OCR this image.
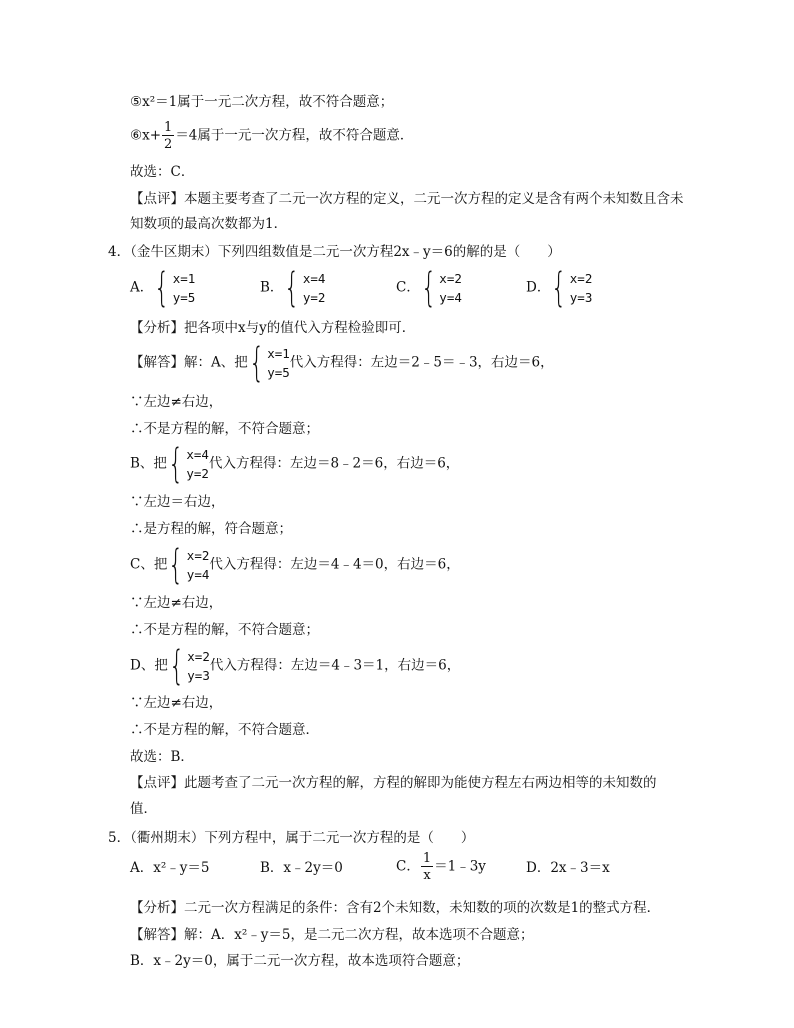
⑤x²＝1属于一元二次方程，故不符合题意；
⑥x+ $\frac{1}{2} =4$属于一元一次方程，故不符合题意．
故选：C．
【点评】本题主要考查了二元一次方程的定义，二元一次方程的定义是含有两个未知数且含未
知数项的最高次数都为1．
4．（金牛区期末）下列四组数值是二元一次方程2x﹣y＝6的解的是（　　）
A． { x=1
y=5
B． { x=4
y=2
C． { x=2
y=4
D． { x=2
y=3
【分析】把各项中x与y的值代入方程检验即可．
【解答】解：A、把 { x=1
y=5
代入方程得：左边＝2﹣5＝﹣3，右边＝6，
∵左边≠右边，
∴不是方程的解，不符合题意；
B、把 { x=4
y=2
代入方程得：左边＝8﹣2＝6，右边＝6，
∵左边＝右边，
∴是方程的解，符合题意；
C、把 { x=2
y=4
代入方程得：左边＝4﹣4＝0，右边＝6，
∵左边≠右边，
∴不是方程的解，不符合题意；
D、把 { x=2
y=3
代入方程得：左边＝4﹣3＝1，右边＝6，
∵左边≠右边，
∴不是方程的解，不符合题意．
故选：B．
【点评】此题考查了二元一次方程的解，方程的解即为能使方程左右两边相等的未知数的
值．
5．（衢州期末）下列方程中，属于二元一次方程的是（　　）
A．x²﹣y＝5	B．x﹣2y＝0	C． $\frac{1}{x}$ ＝1﹣3y	D．2x﹣3＝x
【分析】二元一次方程满足的条件：含有2个未知数，未知数的项的次数是1的整式方程．
【解答】解：A．x²﹣y＝5，是二元二次方程，故本选项不合题意；
B．x﹣2y＝0，属于二元一次方程，故本选项符合题意；
